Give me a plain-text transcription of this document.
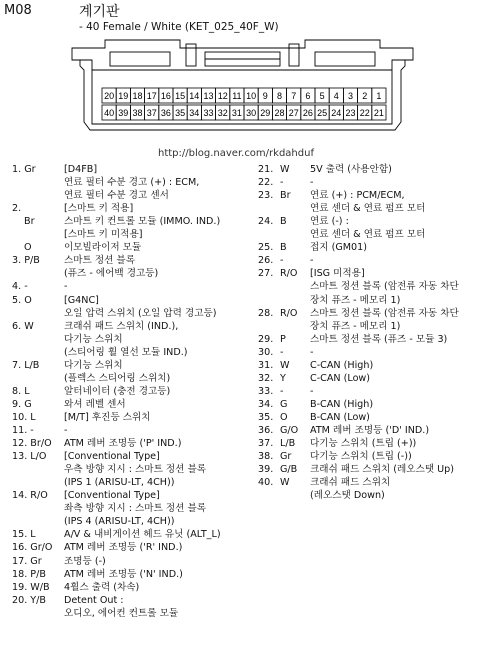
M08	계기판
- 40 Female / White (KET_025_40F_W)
20 19 18 17 16 15 14 13 12 11 10 9 8 7 6 5 4 3 2 1
40 39 38 37 36 35 34 33 32 31 30 29 28 27 26 25 24 23 22 21
http://blog.naver.com/rkdahduf
1. Gr	[D4FB]
연료 필터 수분 경고 (+) : ECM,
연료 필터 수분 경고 센서
2.	[스마트 키 적용]
Br	스마트 키 컨트롤 모듈 (IMMO. IND.)
[스마트 키 미적용]
O	이모빌라이저 모듈
3. P/B	스마트 정션 블록
(퓨즈 - 에어백 경고등)
4. -	-
5. O	[G4NC]
오일 압력 스위치 (오일 압력 경고등)
6. W	크래쉬 패드 스위치 (IND.),
다기능 스위치
(스티어링 휠 열선 모듈 IND.)
7. L/B	다기능 스위치
(플렉스 스티어링 스위치)
8. L	알터네이터 (충전 경고등)
9. G	와셔 레벨 센서
10. L	[M/T] 후진등 스위치
11. -	-
12. Br/O ATM 레버 조명등 ('P' IND.)
13. L/O [Conventional Type]
우측 방향 지시 : 스마트 정션 블록
(IPS 1 (ARISU-LT, 4CH))
14. R/O [Conventional Type]
좌측 방향 지시 : 스마트 정션 블록
(IPS 4 (ARISU-LT, 4CH))
15. L	A/V & 내비게이션 헤드 유닛 (ALT_L)
16. Gr/O ATM 레버 조명등 ('R' IND.)
17. Gr 조명등 (-)
18. P/B ATM 레버 조명등 ('N' IND.)
19. W/B 4휠스 출력 (차속)
20. Y/B Detent Out :
오디오, 에어컨 컨트롤 모듈
21. W 5V 출력 (사용안함)
22. -	-
23. Br 연료 (+) : PCM/ECM,
연료 센더 & 연료 펌프 모터
24. B 연료 (-) :
연료 센더 & 연료 펌프 모터
25. B 접지 (GM01)
26. -	-
27. R/O [ISG 미적용]
스마트 정션 블록 (암전류 자동 차단
장치 퓨즈 - 메모리 1)
28. R/O 스마트 정션 블록 (암전류 자동 차단
장치 퓨즈 - 메모리 1)
29. P	스마트 정션 블록 (퓨즈 - 모듈 3)
30. -	-
31. W C-CAN (High)
32. Y	C-CAN (Low)
33. -	-
34. G B-CAN (High)
35. O B-CAN (Low)
36. G/O ATM 레버 조명등 ('D' IND.)
37. L/B 다기능 스위치 (트립 (+))
38. Gr 다기능 스위치 (트립 (-))
39. G/B 크래쉬 패드 스위치 (레오스탯 Up)
40. W 크래쉬 패드 스위치
(레오스탯 Down)
